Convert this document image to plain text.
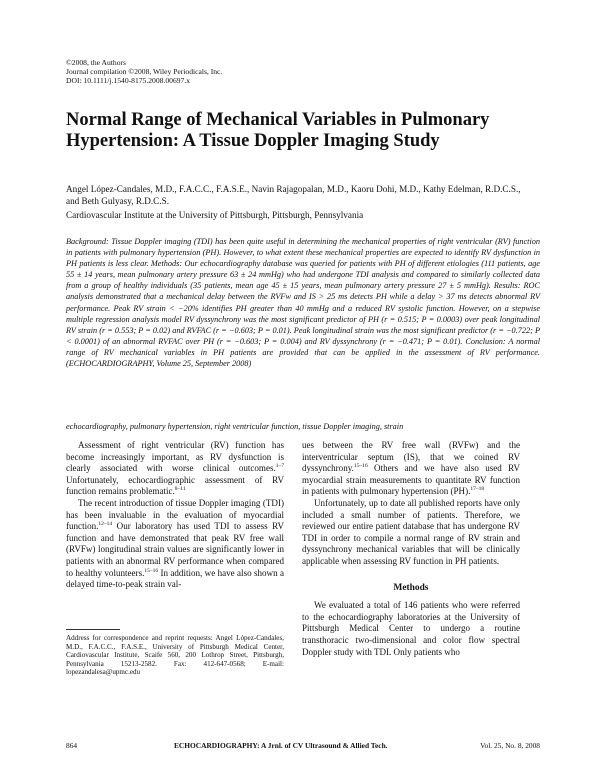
©2008, the Authors
Journal compilation ©2008, Wiley Periodicals, Inc.
DOI: 10.1111/j.1540-8175.2008.00697.x
Normal Range of Mechanical Variables in Pulmonary Hypertension: A Tissue Doppler Imaging Study
Angel López-Candales, M.D., F.A.C.C., F.A.S.E., Navin Rajagopalan, M.D., Kaoru Dohi, M.D., Kathy Edelman, R.D.C.S., and Beth Gulyasy, R.D.C.S.
Cardiovascular Institute at the University of Pittsburgh, Pittsburgh, Pennsylvania
Background: Tissue Doppler imaging (TDI) has been quite useful in determining the mechanical properties of right ventricular (RV) function in patients with pulmonary hypertension (PH). However, to what extent these mechanical properties are expected to identify RV dysfunction in PH patients is less clear. Methods: Our echocardiography database was queried for patients with PH of different etiologies (111 patients, age 55 ± 14 years, mean pulmonary artery pressure 63 ± 24 mmHg) who had undergone TDI analysis and compared to similarly collected data from a group of healthy individuals (35 patients, mean age 45 ± 15 years, mean pulmonary artery pressure 27 ± 5 mmHg). Results: ROC analysis demonstrated that a mechanical delay between the RVFw and IS > 25 ms detects PH while a delay > 37 ms detects abnormal RV performance. Peak RV strain < −20% identifies PH greater than 40 mmHg and a reduced RV systolic function. However, on a stepwise multiple regression analysis model RV dyssynchrony was the most significant predictor of PH (r = 0.515; P = 0.0003) over peak longitudinal RV strain (r = 0.553; P = 0.02) and RVFAC (r = −0.603; P = 0.01). Peak longitudinal strain was the most significant predictor (r = −0.722; P < 0.0001) of an abnormal RVFAC over PH (r = −0.603; P = 0.004) and RV dyssynchrony (r = −0.471; P = 0.01). Conclusion: A normal range of RV mechanical variables in PH patients are provided that can be applied in the assessment of RV performance. (ECHOCARDIOGRAPHY, Volume 25, September 2008)
echocardiography, pulmonary hypertension, right ventricular function, tissue Doppler imaging, strain

Assessment of right ventricular (RV) function has become increasingly important, as RV dysfunction is clearly associated with worse clinical outcomes.$^{1-7}$ Unfortunately, echocardiographic assessment of RV function remains problematic.$^{8-11}$

The recent introduction of tissue Doppler imaging (TDI) has been invaluable in the evaluation of myocardial function.$^{12-14}$ Our laboratory has used TDI to assess RV function and have demonstrated that peak RV free wall (RVFw) longitudinal strain values are significantly lower in patients with an abnormal RV performance when compared to healthy volunteers.$^{15-16}$ In addition, we have also shown a delayed time-to-peak strain val-

ues between the RV free wall (RVFw) and the interventricular septum (IS), that we coined RV dyssynchrony.$^{15-16}$ Others and we have also used RV myocardial strain measurements to quantitate RV function in patients with pulmonary hypertension (PH).$^{17-18}$

Unfortunately, up to date all published reports have only included a small number of patients. Therefore, we reviewed our entire patient database that has undergone RV TDI in order to compile a normal range of RV strain and dyssynchrony mechanical variables that will be clinically applicable when assessing RV function in PH patients.

Methods

We evaluated a total of 146 patients who were referred to the echocardiography laboratories at the University of Pittsburgh Medical Center to undergo a routine transthoracic two-dimensional and color flow spectral Doppler study with TDI. Only patients who

Address for correspondence and reprint requests: Angel López-Candales, M.D., F.A.C.C., F.A.S.E., University of Pittsburgh Medical Center, Cardiovascular Institute, Scaife 560, 200 Lothrop Street, Pittsburgh, Pennsylvania 15213-2582. Fax: 412-647-0568; E-mail: lopezandalesa@upmc.edu
864	ECHOCARDIOGRAPHY: A Jrnl. of CV Ultrasound & Allied Tech.	Vol. 25, No. 8, 2008
